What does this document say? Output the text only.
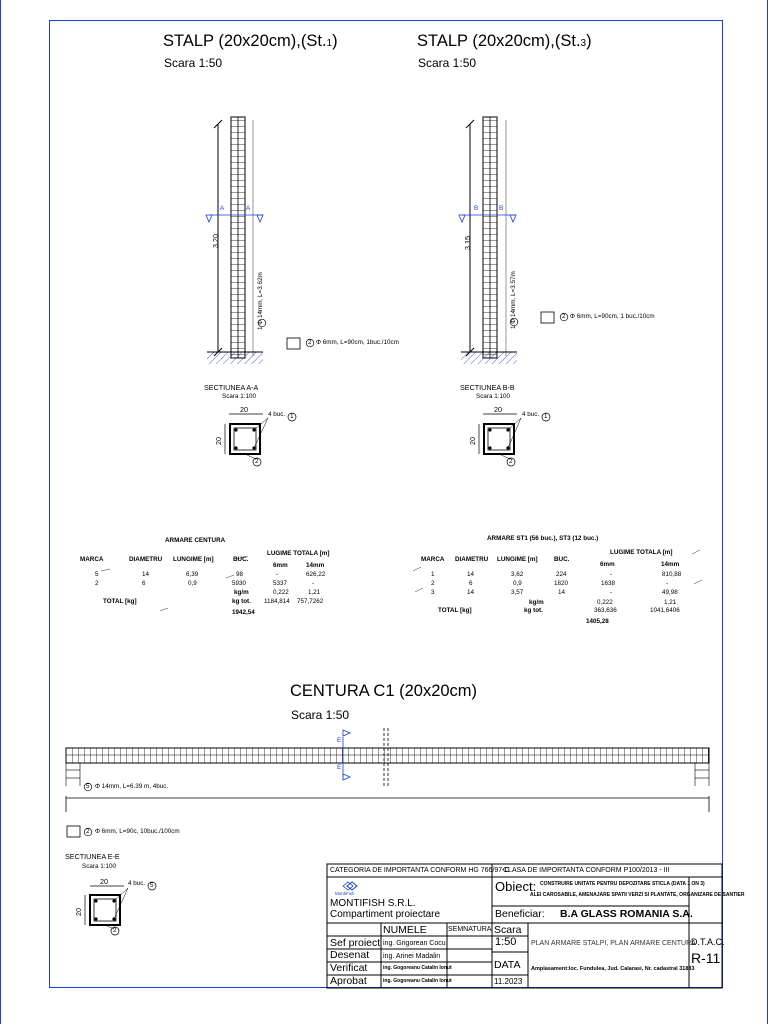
STALP (20x20cm),(St.1)
Scara 1:50
3.20
A	A
1 Φ 14mm, L=3.62m
2 Φ 6mm, L=90cm, 1buc./10cm
SECTIUNEA A-A
Scara 1:100
20
20
4 buc. 1
2
STALP (20x20cm),(St.3)
Scara 1:50
3.15
B	B
1 Φ 14mm, L=3.57m	2 Φ 6mm, L=90cm, 1 buc./10cm
SECTIUNEA B-B
Scara 1:100
20
20
4 buc. 1
2
ARMARE CENTURA
MARCA	DIAMETRU LUNGIME [m]	BUC.
LUGIME TOTALA [m]
6mm	14mm
5	14	6,39	98	-	626,22
2	6	0,9	5930	5337	-
kg/m	0,222	1,21
TOTAL [kg]	kg tot. 1184,814 757,7262
1942,54
ARMARE ST1 (56 buc.), ST3 (12 buc.)
MARCA DIAMETRU LUNGIME [m]	BUC.
LUGIME TOTALA [m]
6mm	14mm
1	14	3,62	224	-	810,88
2	6	0,9	1820	1638	-
3	14	3,57	14	-	49,98
kg/m	0,222	1,21
TOTAL [kg]	kg tot.	363,636	1041,6406
1405,28
CENTURA C1 (20x20cm)
Scara 1:50
E
E
5 Φ 14mm, L=6.39 m, 4buc.
2 Φ 6mm, L=90c, 10buc./100cm
SECTIUNEA E-E
Scara 1:100
20
20
4 buc. 5
2
CATEGORIA DE IMPORTANTA CONFORM HG 766/97-C
CLASA DE IMPORTANTA CONFORM P100/2013 - III
MontiFish
MONTIFISH S.R.L.
Compartiment proiectare
Obiect: CONSTRUIRE UNITATE PENTRU DEPOZITARE STICLA (DATA 1 ON 3)
ALEI CAROSABILE, AMENAJARE SPATII VERZI SI PLANTATE, ORGANIZARE DE SANTIER
Beneficiar: B.A GLASS ROMANIA S.A.
NUMELE	SEMNATURA Scara
1:50
Sef proiect ing. Grigorean Cocu
Desenat ing. Arinei Madalin
Verificat	ing. Gogoreanu Catalin Ionut
Aprobat	ing. Gogoreanu Catalin Ionut
DATA
11.2023
PLAN ARMARE STALPI, PLAN ARMARE CENTURA
Amplasament:loc. Fundulea, Jud. Calarasi, Nr. cadastral 31883
D.T.A.C.
R-11
